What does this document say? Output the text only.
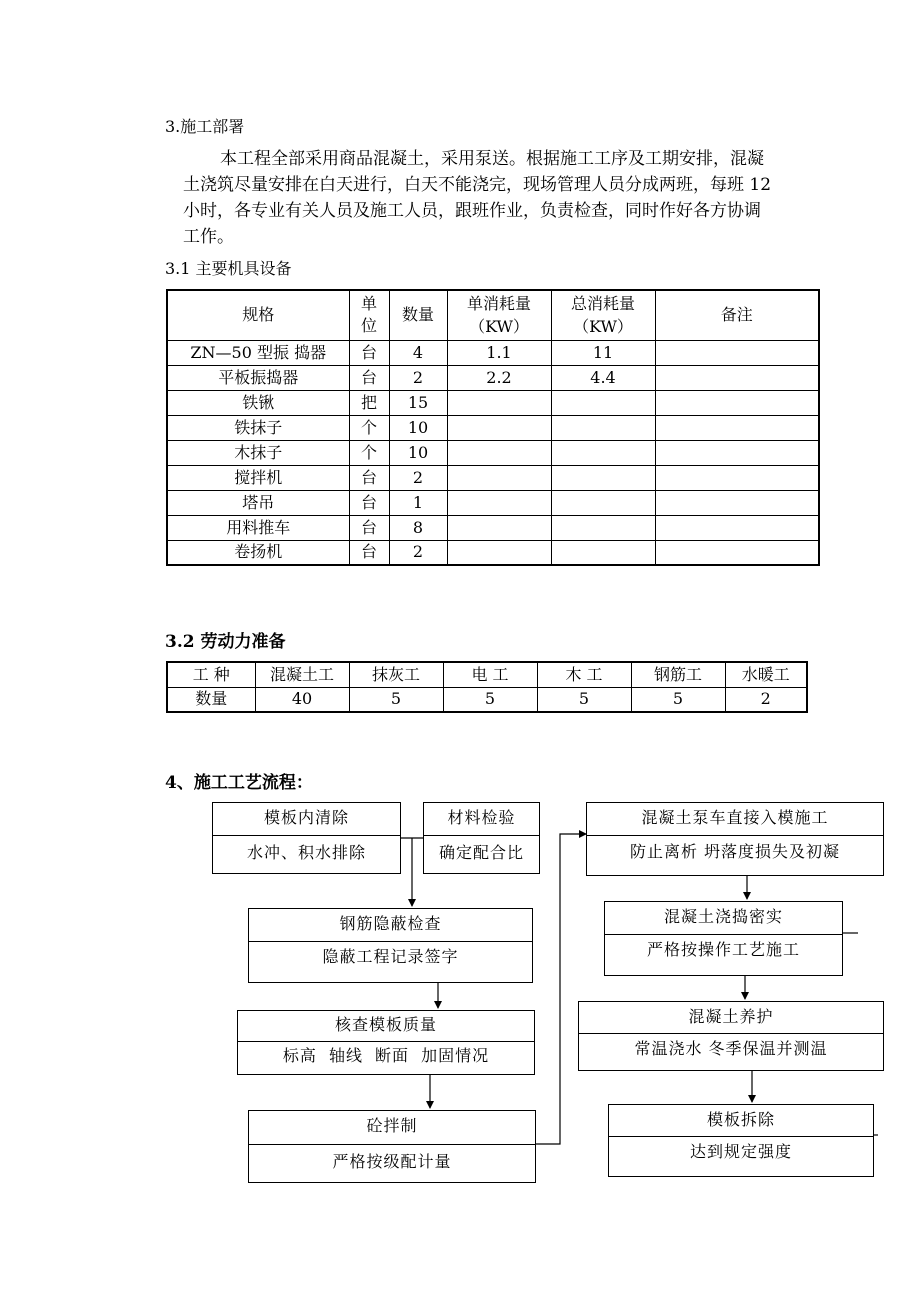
3.施工部署
本工程全部采用商品混凝土，采用泵送。根据施工工序及工期安排，混凝
土浇筑尽量安排在白天进行，白天不能浇完，现场管理人员分成两班，每班 12
小时，各专业有关人员及施工人员，跟班作业，负责检查，同时作好各方协调
工作。
3.1 主要机具设备
规格	单位	数量	单消耗量（KW）	总消耗量（KW）	备注
ZN—50 型振 捣器	台	4	1.1	11	
平板振捣器	台	2	2.2	4.4	
铁锹	把	15			
铁抹子	个	10			
木抹子	个	10			
搅拌机	台	2			
塔吊	台	1			
用料推车	台	8			
卷扬机	台	2			
3.2 劳动力准备
工 种	混凝土工	抹灰工	电 工	木 工	钢筋工	水暖工
数量	40	5	5	5	5	2
4、施工工艺流程：
模板内清除
水冲、积水排除
材料检验
确定配合比
钢筋隐蔽检查
隐蔽工程记录签字
核查模板质量
标高 轴线 断面 加固情况
砼拌制
严格按级配计量
混凝土泵车直接入模施工
防止离析 坍落度损失及初凝
混凝土浇捣密实
严格按操作工艺施工
混凝土养护
常温浇水 冬季保温并测温
模板拆除
达到规定强度
